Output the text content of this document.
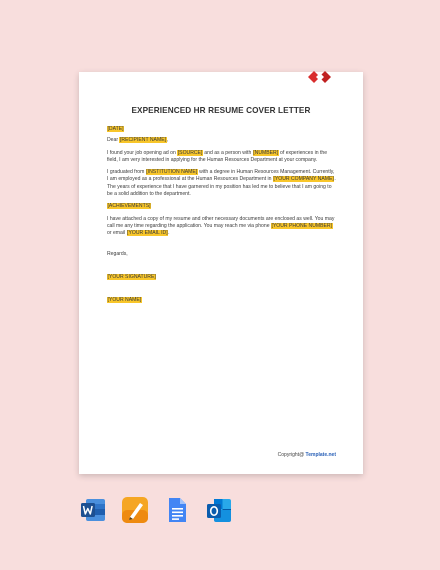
EXPERIENCED HR RESUME COVER LETTER

[DATE]

Dear [RECIPIENT NAME],

I found your job opening ad on [SOURCE] and as a person with [NUMBER] of experiences in the field, I am very interested in applying for the Human Resources Department at your company.

I graduated from [INSTITUTION NAME] with a degree in Human Resources Management. Currently, I am employed as a professional at the Human Resources Department in [YOUR COMPANY NAME]. The years of experience that I have garnered in my position has led me to believe that I am going to be a solid addition to the department.

[ACHIEVEMENTS]

I have attached a copy of my resume and other necessary documents are enclosed as well. You may call me any time regarding the application. You may reach me via phone [YOUR PHONE NUMBER] or email [YOUR EMAIL ID].

Regards,

[YOUR SIGNATURE]

[YOUR NAME]

Copyright@ Template.net
